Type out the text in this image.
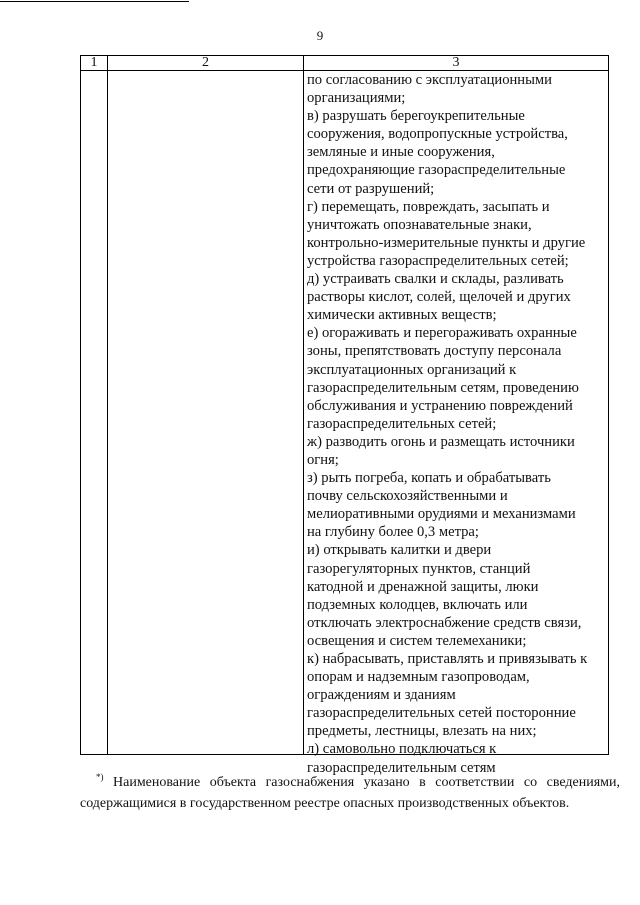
9
1	2	3
по согласованию с эксплуатационными
организациями;
в) разрушать берегоукрепительные
сооружения, водопропускные устройства,
земляные и иные сооружения,
предохраняющие газораспределительные
сети от разрушений;
г) перемещать, повреждать, засыпать и
уничтожать опознавательные знаки,
контрольно-измерительные пункты и другие
устройства газораспределительных сетей;
д) устраивать свалки и склады, разливать
растворы кислот, солей, щелочей и других
химически активных веществ;
е) огораживать и перегораживать охранные
зоны, препятствовать доступу персонала
эксплуатационных организаций к
газораспределительным сетям, проведению
обслуживания и устранению повреждений
газораспределительных сетей;
ж) разводить огонь и размещать источники
огня;
з) рыть погреба, копать и обрабатывать
почву сельскохозяйственными и
мелиоративными орудиями и механизмами
на глубину более 0,3 метра;
и) открывать калитки и двери
газорегуляторных пунктов, станций
катодной и дренажной защиты, люки
подземных колодцев, включать или
отключать электроснабжение средств связи,
освещения и систем телемеханики;
к) набрасывать, приставлять и привязывать к
опорам и надземным газопроводам,
ограждениям и зданиям
газораспределительных сетей посторонние
предметы, лестницы, влезать на них;
л) самовольно подключаться к
газораспределительным сетям

*) Наименование объекта газоснабжения указано в соответствии со сведениями, содержащимися в государственном реестре опасных производственных объектов.
